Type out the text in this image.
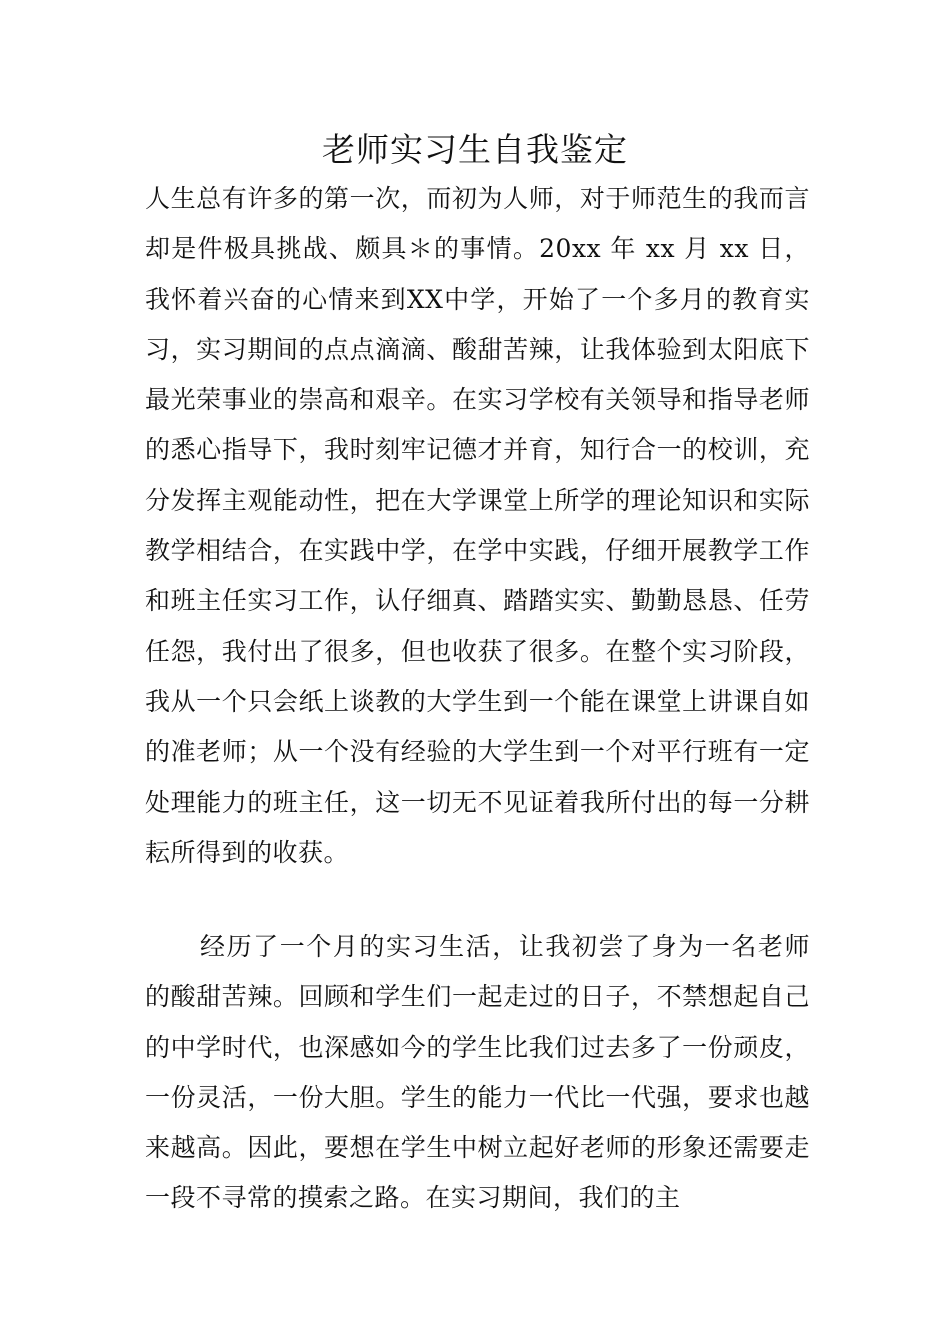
老师实习生自我鉴定

人生总有许多的第一次，而初为人师，对于师范生的我而言却是件极具挑战、颇具＊的事情。20xx 年 xx 月 xx 日，我怀着兴奋的心情来到XX中学，开始了一个多月的教育实习，实习期间的点点滴滴、酸甜苦辣，让我体验到太阳底下最光荣事业的崇高和艰辛。在实习学校有关领导和指导老师的悉心指导下，我时刻牢记德才并育，知行合一的校训，充分发挥主观能动性，把在大学课堂上所学的理论知识和实际教学相结合，在实践中学，在学中实践，仔细开展教学工作和班主任实习工作，认仔细真、踏踏实实、勤勤恳恳、任劳任怨，我付出了很多，但也收获了很多。在整个实习阶段，我从一个只会纸上谈教的大学生到一个能在课堂上讲课自如的准老师；从一个没有经验的大学生到一个对平行班有一定处理能力的班主任，这一切无不见证着我所付出的每一分耕耘所得到的收获。

经历了一个月的实习生活，让我初尝了身为一名老师的酸甜苦辣。回顾和学生们一起走过的日子，不禁想起自己的中学时代，也深感如今的学生比我们过去多了一份顽皮，一份灵活，一份大胆。学生的能力一代比一代强，要求也越来越高。因此，要想在学生中树立起好老师的形象还需要走一段不寻常的摸索之路。在实习期间，我们的主
